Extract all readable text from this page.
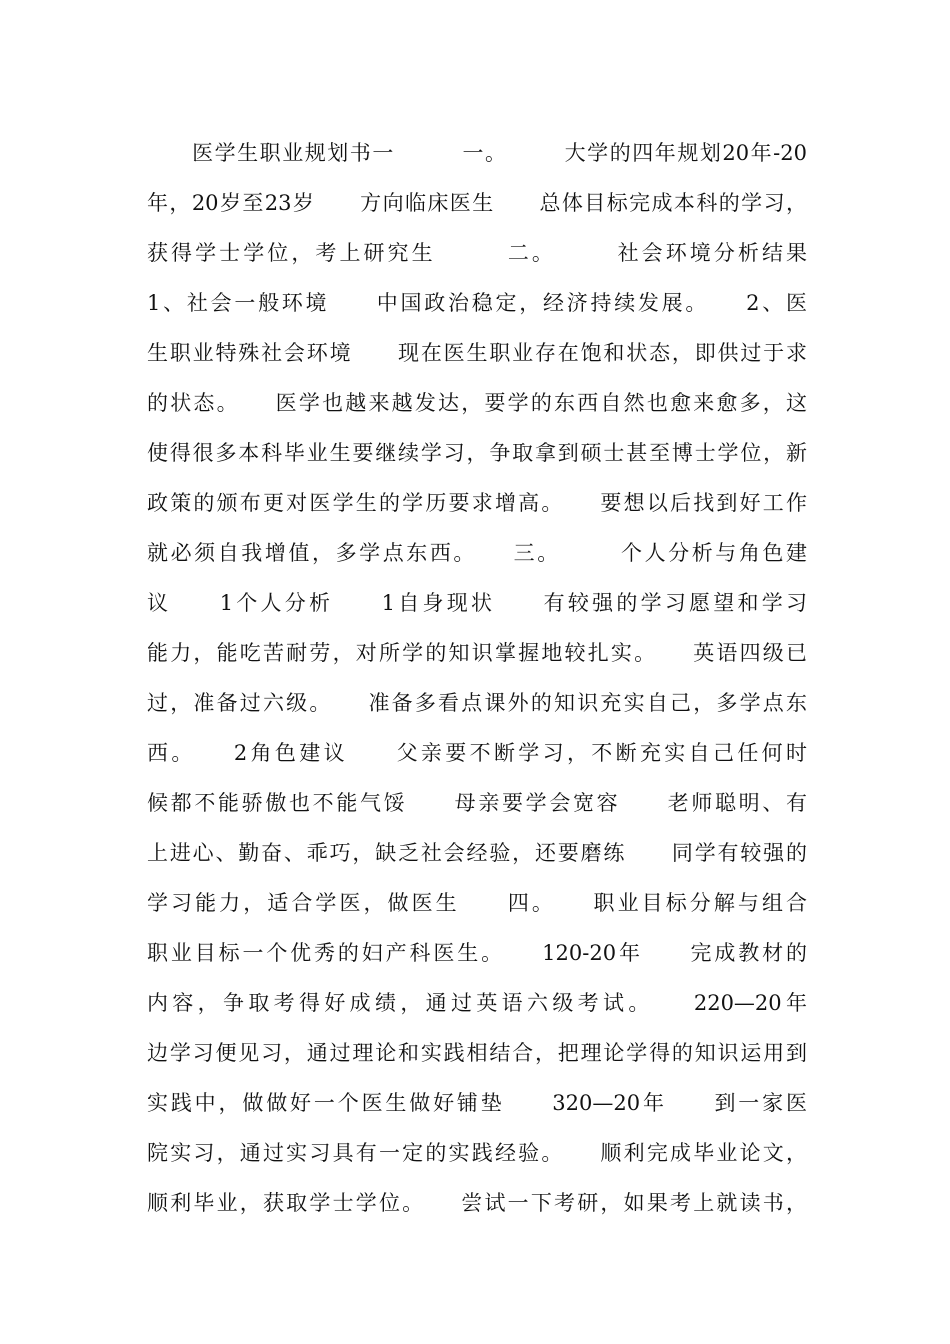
　　医学生职业规划书一　　　一。　　　大学的四年规划20年-20
年，20岁至23岁　　方向临床医生　　总体目标完成本科的学习，
获得学士学位，考上研究生　　　二。　　　社会环境分析结果
1、社会一般环境　　中国政治稳定，经济持续发展。　　2、医
生职业特殊社会环境　　现在医生职业存在饱和状态，即供过于求
的状态。　　医学也越来越发达，要学的东西自然也愈来愈多，这
使得很多本科毕业生要继续学习，争取拿到硕士甚至博士学位，新
政策的颁布更对医学生的学历要求增高。　　要想以后找到好工作
就必须自我增值，多学点东西。　　三。　　　个人分析与角色建
议　　1个人分析　　1自身现状　　有较强的学习愿望和学习
能力，能吃苦耐劳，对所学的知识掌握地较扎实。　　英语四级已
过，准备过六级。　　准备多看点课外的知识充实自己，多学点东
西。　　2角色建议　　父亲要不断学习，不断充实自己任何时
候都不能骄傲也不能气馁　　母亲要学会宽容　　老师聪明、有
上进心、勤奋、乖巧，缺乏社会经验，还要磨练　　同学有较强的
学习能力，适合学医，做医生　　四。　　职业目标分解与组合
职业目标一个优秀的妇产科医生。　　120-20年　　完成教材的
内容，争取考得好成绩，通过英语六级考试。　　220—20年
边学习便见习，通过理论和实践相结合，把理论学得的知识运用到
实践中，做做好一个医生做好铺垫　　320—20年　　到一家医
院实习，通过实习具有一定的实践经验。　　顺利完成毕业论文，
顺利毕业，获取学士学位。　　尝试一下考研，如果考上就读书，
